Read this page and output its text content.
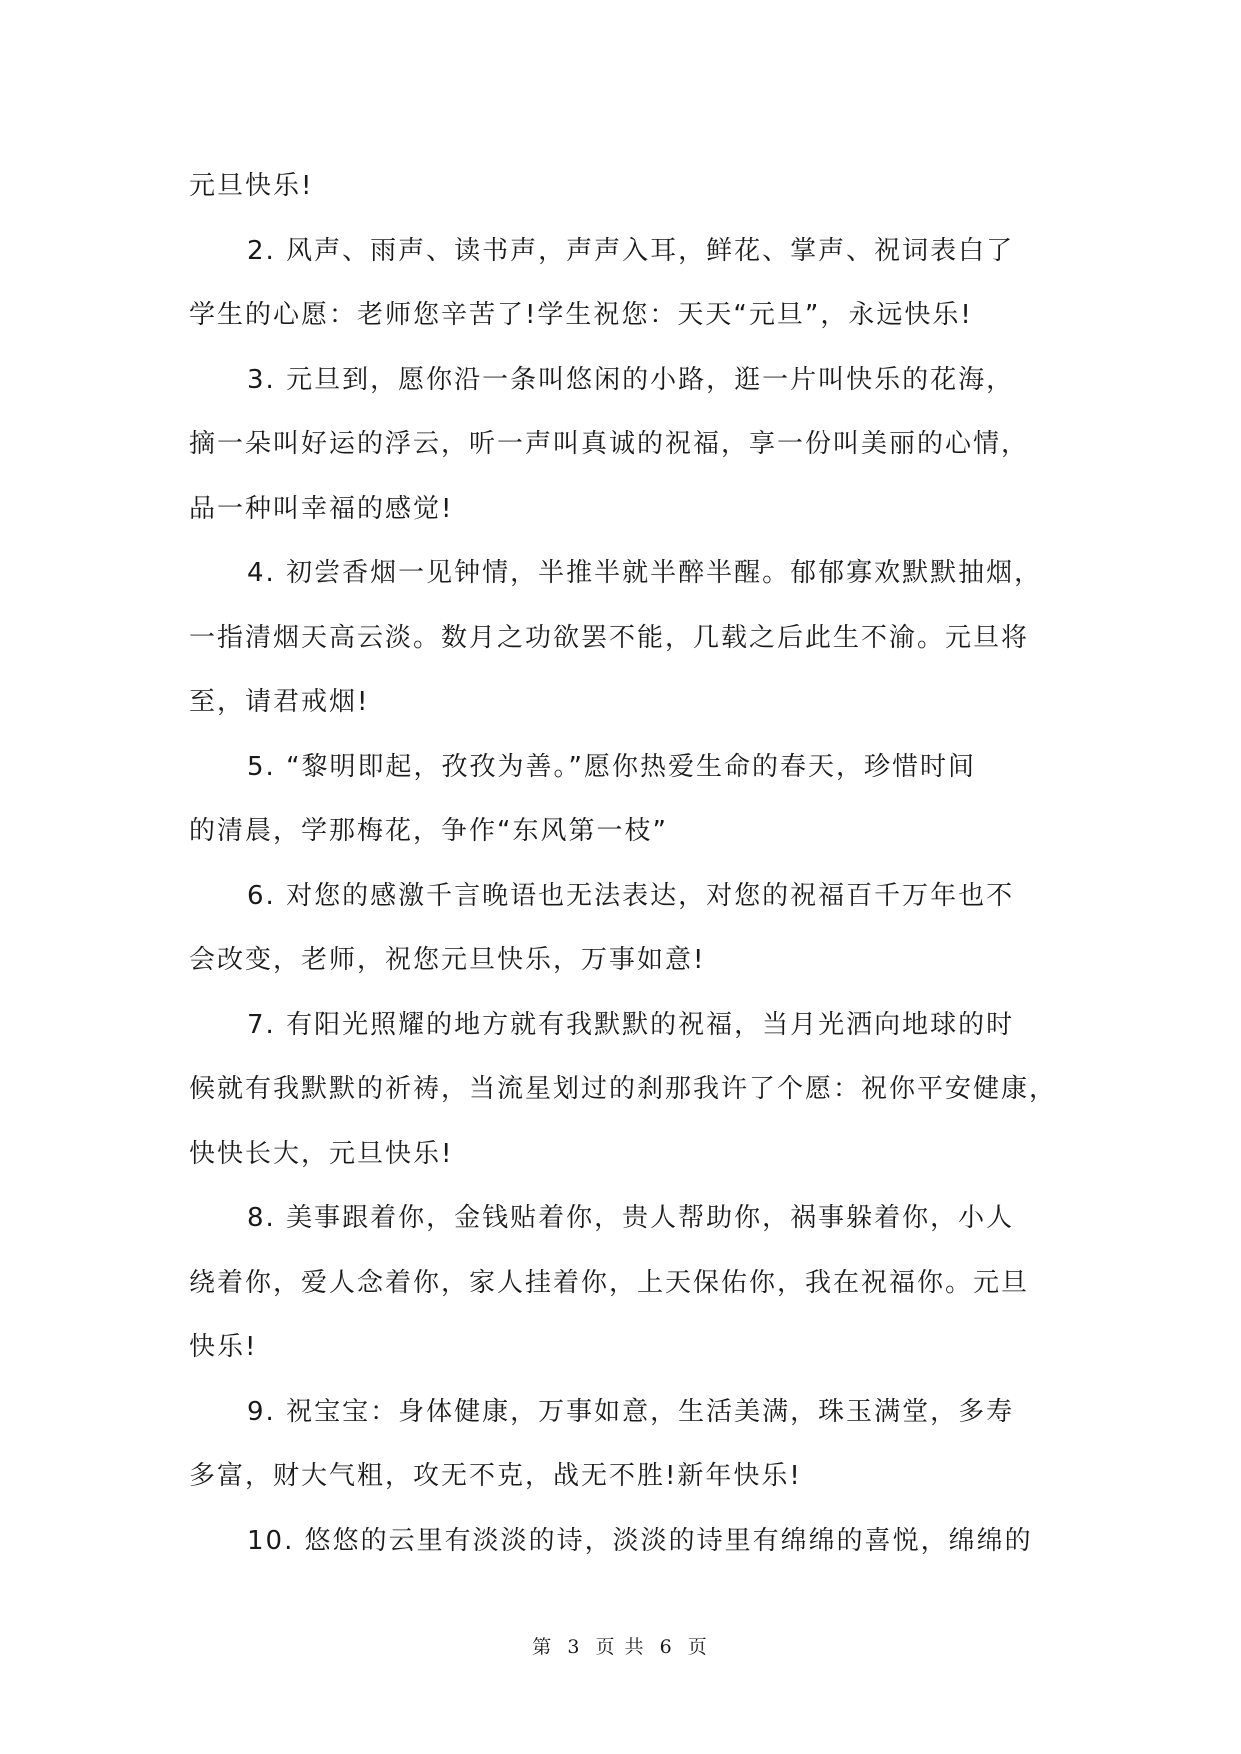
元旦快乐!
2. 风声、雨声、读书声，声声入耳，鲜花、掌声、祝词表白了
学生的心愿：老师您辛苦了!学生祝您：天天“元旦”，永远快乐!
3. 元旦到，愿你沿一条叫悠闲的小路，逛一片叫快乐的花海，
摘一朵叫好运的浮云，听一声叫真诚的祝福，享一份叫美丽的心情，
品一种叫幸福的感觉!
4. 初尝香烟一见钟情，半推半就半醉半醒。郁郁寡欢默默抽烟，
一指清烟天高云淡。数月之功欲罢不能，几载之后此生不渝。元旦将
至，请君戒烟!
5. “黎明即起，孜孜为善。”愿你热爱生命的春天，珍惜时间
的清晨，学那梅花，争作“东风第一枝”
6. 对您的感激千言晚语也无法表达，对您的祝福百千万年也不
会改变，老师，祝您元旦快乐，万事如意!
7. 有阳光照耀的地方就有我默默的祝福，当月光洒向地球的时
候就有我默默的祈祷，当流星划过的刹那我许了个愿：祝你平安健康，
快快长大，元旦快乐!
8. 美事跟着你，金钱贴着你，贵人帮助你，祸事躲着你，小人
绕着你，爱人念着你，家人挂着你，上天保佑你，我在祝福你。元旦
快乐!
9. 祝宝宝：身体健康，万事如意，生活美满，珠玉满堂，多寿
多富，财大气粗，攻无不克，战无不胜!新年快乐!
10. 悠悠的云里有淡淡的诗，淡淡的诗里有绵绵的喜悦，绵绵的
第 3 页 共 6 页
